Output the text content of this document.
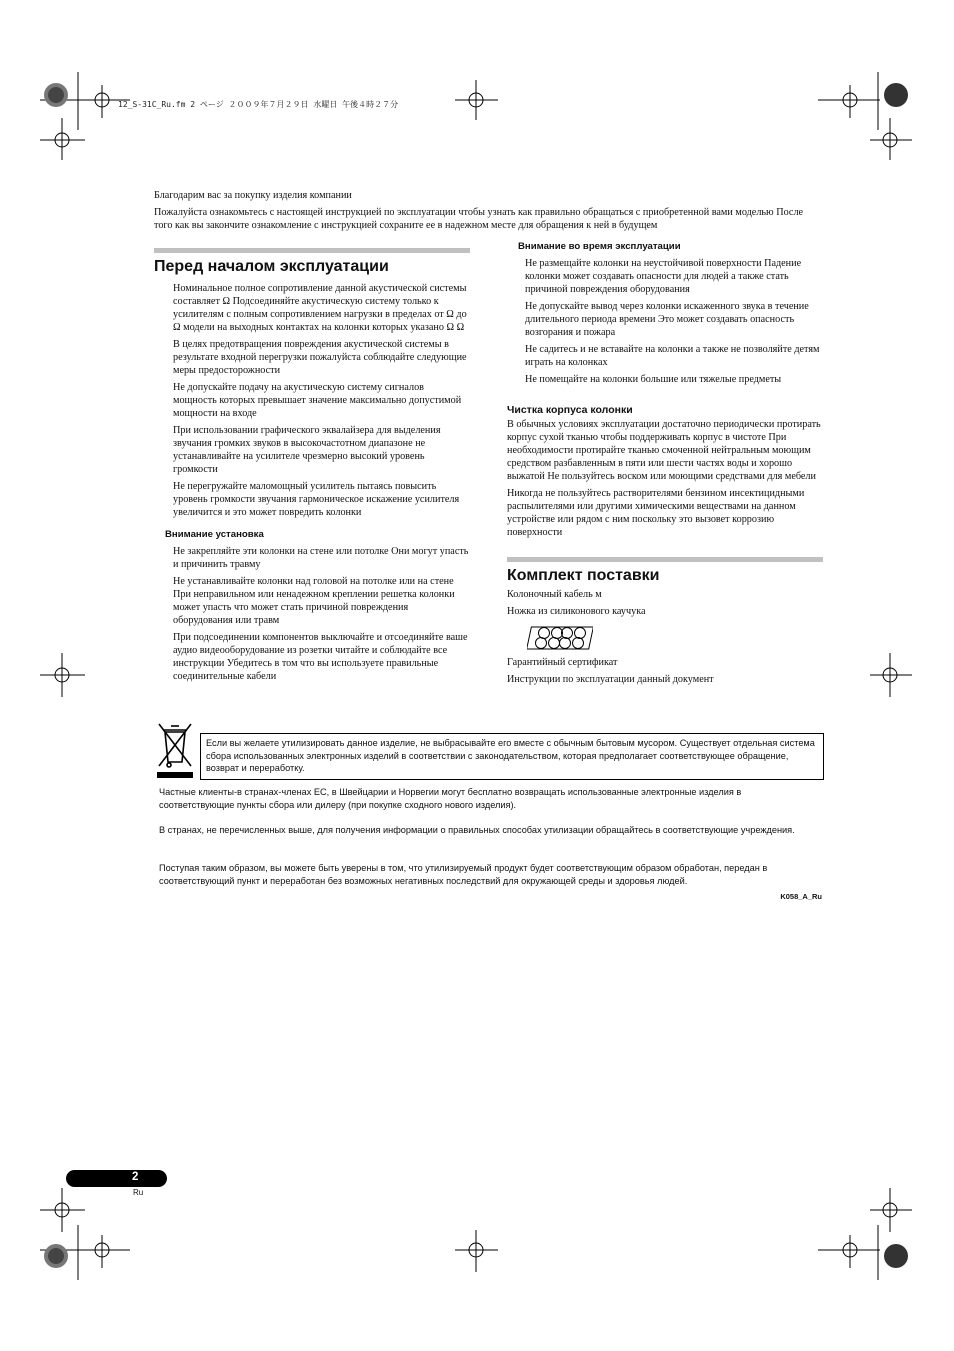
12_S-31C_Ru.fm 2 ページ ２００９年７月２９日 水曜日 午後４時２７分
Благодарим вас за покупку изделия компании
Пожалуйста ознакомьтесь с настоящей инструкцией по эксплуатации чтобы узнать как правильно обращаться с приобретенной вами моделью После того как вы закончите ознакомление с инструкцией сохраните ее в надежном месте для обращения к ней в будущем
Перед началом эксплуатации

Номинальное полное сопротивление данной акустической системы составляет Ω Подсоединяйте акустическую систему только к усилителям с полным сопротивлением нагрузки в пределах от Ω до Ω модели на выходных контактах на колонки которых указано Ω Ω

В целях предотвращения повреждения акустической системы в результате входной перегрузки пожалуйста соблюдайте следующие меры предосторожности

Не допускайте подачу на акустическую систему сигналов мощность которых превышает значение максимально допустимой мощности на входе

При использовании графического эквалайзера для выделения звучания громких звуков в высокочастотном диапазоне не устанавливайте на усилителе чрезмерно высокий уровень громкости

Не перегружайте маломощный усилитель пытаясь повысить уровень громкости звучания гармоническое искажение усилителя увеличится и это может повредить колонки

Внимание установка

Не закрепляйте эти колонки на стене или потолке Они могут упасть и причинить травму

Не устанавливайте колонки над головой на потолке или на стене При неправильном или ненадежном креплении решетка колонки может упасть что может стать причиной повреждения оборудования или травм

При подсоединении компонентов выключайте и отсоединяйте ваше аудио видеооборудование из розетки читайте и соблюдайте все инструкции Убедитесь в том что вы используете правильные соединительные кабели

Внимание во время эксплуатации

Не размещайте колонки на неустойчивой поверхности Падение колонки может создавать опасности для людей а также стать причиной повреждения оборудования

Не допускайте вывод через колонки искаженного звука в течение длительного периода времени Это может создавать опасность возгорания и пожара

Не садитесь и не вставайте на колонки а также не позволяйте детям играть на колонках

Не помещайте на колонки большие или тяжелые предметы

Чистка корпуса колонки

В обычных условиях эксплуатации достаточно периодически протирать корпус сухой тканью чтобы поддерживать корпус в чистоте При необходимости протирайте тканью смоченной нейтральным моющим средством разбавленным в пяти или шести частях воды и хорошо выжатой Не пользуйтесь воском или моющими средствами для мебели

Никогда не пользуйтесь растворителями бензином инсектицидными распылителями или другими химическими веществами на данном устройстве или рядом с ним поскольку это вызовет коррозию поверхности

Комплект поставки

Колоночный кабель м

Ножка из силиконового каучука

Гарантийный сертификат

Инструкции по эксплуатации данный документ

Если вы желаете утилизировать данное изделие, не выбрасывайте его вместе с обычным бытовым мусором. Существует отдельная система сбора использованных электронных изделий в соответствии с законодательством, которая предполагает соответствующее обращение, возврат и переработку.
Частные клиенты-в странах-членах ЕС, в Швейцарии и Норвегии могут бесплатно возвращать использованные электронные изделия в соответствующие пункты сбора или дилеру (при покупке сходного нового изделия).
В странах, не перечисленных выше, для получения информации о правильных способах утилизации обращайтесь в соответствующие учреждения.
Поступая таким образом, вы можете быть уверены в том, что утилизируемый продукт будет соответствующим образом обработан, передан в соответствующий пункт и переработан без возможных негативных последствий для окружающей среды и здоровья людей.
K058_A_Ru
2
Ru
